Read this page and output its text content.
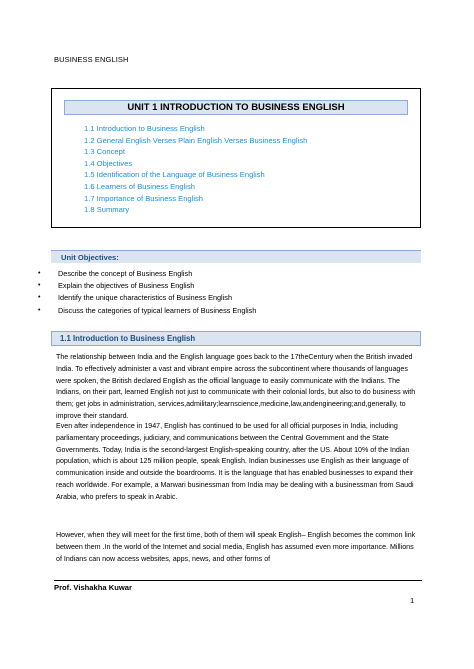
BUSINESS ENGLISH
UNIT 1 INTRODUCTION TO BUSINESS ENGLISH
1.1 Introduction to Business English
1.2 General English Verses Plain English Verses Business English
1.3 Concept
1.4 Objectives
1.5 Identification of the Language of Business English
1.6 Learners of Business English
1.7 Importance of Business English
1.8 Summary
Unit Objectives:
• Describe the concept of Business English
• Explain the objectives of Business English
• Identify the unique characteristics of Business English
• Discuss the categories of typical learners of Business English
1.1 Introduction to Business English

The relationship between India and the English language goes back to the 17theCentury when the British invaded India. To effectively administer a vast and vibrant empire across the subcontinent where thousands of languages were spoken, the British declared English as the official language to easily communicate with the Indians. The Indians, on their part, learned English not just to communicate with their colonial lords, but also to do business with them; get jobs in administration, services,admilitary;learnscience,medicine,law,andengineering;and,generally, to improve their standard.

Even after independence in 1947, English has continued to be used for all official purposes in India, including parliamentary proceedings, judiciary, and communications between the Central Government and the State Governments. Today, India is the second-largest English-speaking country, after the US. About 10% of the Indian population, which is about 125 million people, speak English. Indian businesses use English as their language of communication inside and outside the boardrooms. It is the language that has enabled businesses to expand their reach worldwide. For example, a Marwari businessman from India may be dealing with a businessman from Saudi Arabia, who prefers to speak in Arabic.

However, when they will meet for the first time, both of them will speak English– English becomes the common link between them .In the world of the Internet and social media, English has assumed even more importance. Millions of Indians can now access websites, apps, news, and other forms of

Prof. Vishakha Kuwar
1
